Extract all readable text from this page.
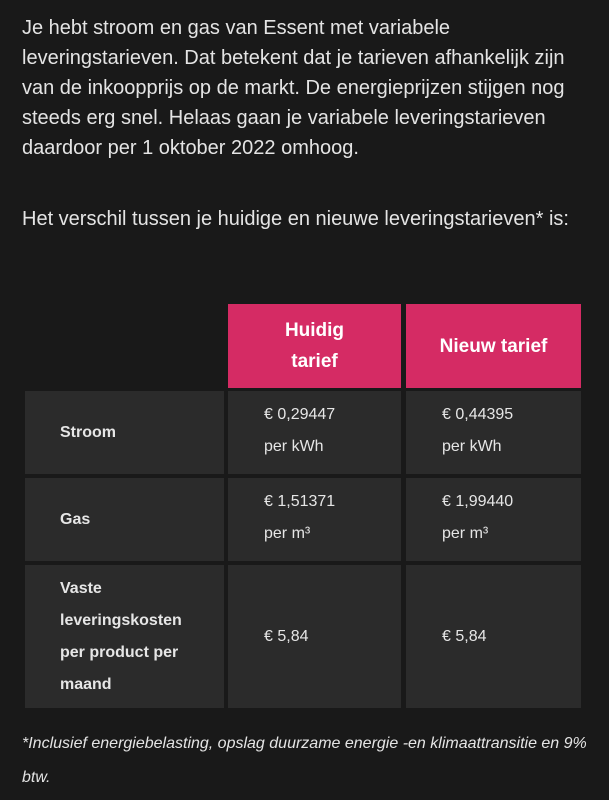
Je hebt stroom en gas van Essent met variabele leveringstarieven. Dat betekent dat je tarieven afhankelijk zijn van de inkoopprijs op de markt. De energieprijzen stijgen nog steeds erg snel. Helaas gaan je variabele leveringstarieven daardoor per 1 oktober 2022 omhoog.

Het verschil tussen je huidige en nieuwe leveringstarieven* is:

Huidig tarief
Nieuw tarief
Stroom
€ 0,29447
per kWh
€ 0,44395
per kWh
Gas
€ 1,51371
per m³
€ 1,99440
per m³
Vaste leveringskosten per product per maand
€ 5,84	€ 5,84

*Inclusief energiebelasting, opslag duurzame energie -en klimaattransitie en 9% btw.
